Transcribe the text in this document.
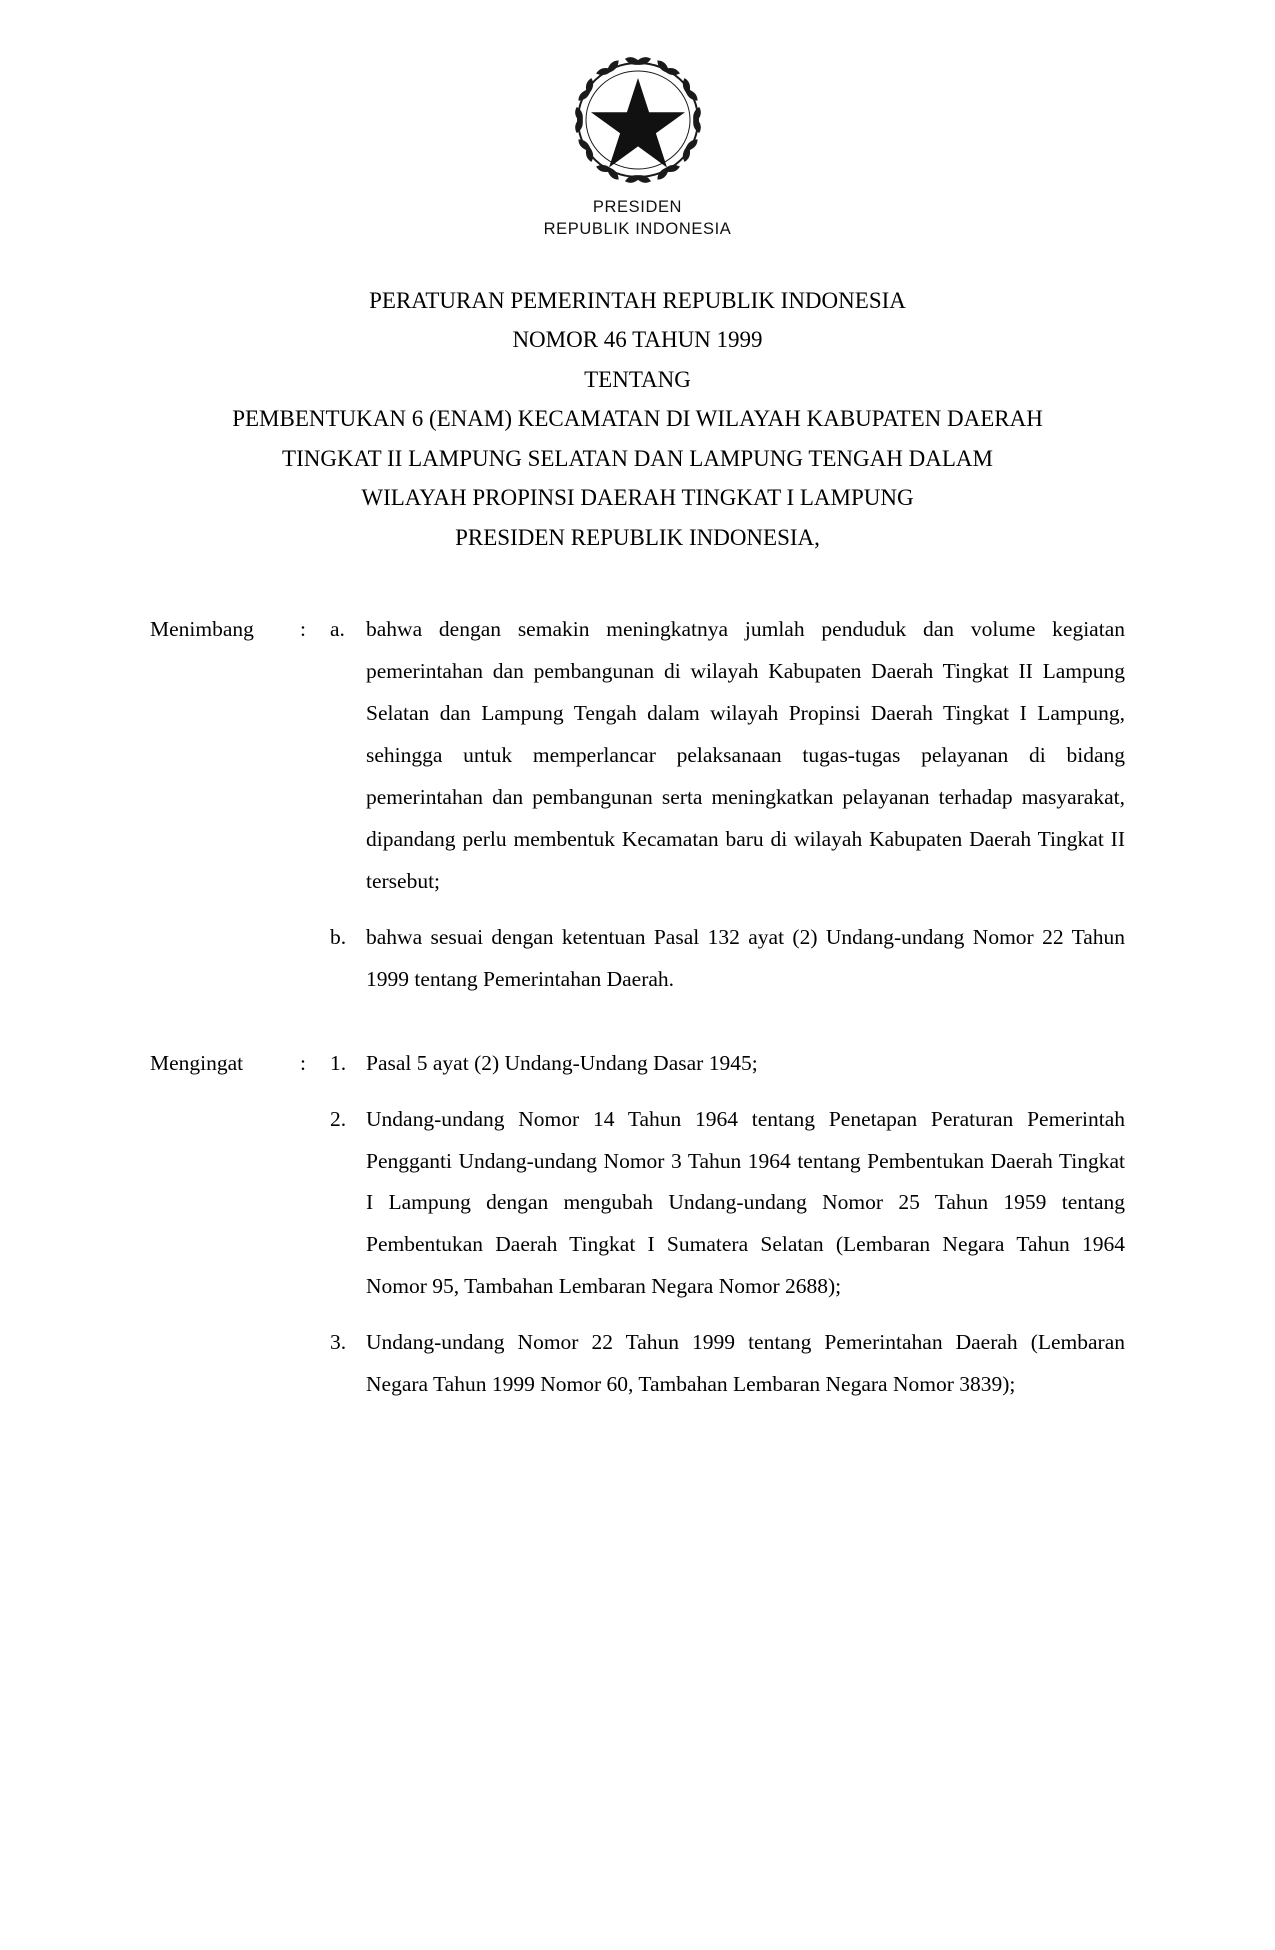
PRESIDEN
REPUBLIK INDONESIA
PERATURAN PEMERINTAH REPUBLIK INDONESIA
NOMOR 46 TAHUN 1999
TENTANG
PEMBENTUKAN 6 (ENAM) KECAMATAN DI WILAYAH KABUPATEN DAERAH
TINGKAT II LAMPUNG SELATAN DAN LAMPUNG TENGAH DALAM
WILAYAH PROPINSI DAERAH TINGKAT I LAMPUNG
PRESIDEN REPUBLIK INDONESIA,
Menimbang	:	a. bahwa dengan semakin meningkatnya jumlah penduduk dan volume kegiatan pemerintahan dan pembangunan di wilayah Kabupaten Daerah Tingkat II Lampung Selatan dan Lampung Tengah dalam wilayah Propinsi Daerah Tingkat I Lampung, sehingga untuk memperlancar pelaksanaan tugas-tugas pelayanan di bidang pemerintahan dan pembangunan serta meningkatkan pelayanan terhadap masyarakat, dipandang perlu membentuk Kecamatan baru di wilayah Kabupaten Daerah Tingkat II tersebut;
b. bahwa sesuai dengan ketentuan Pasal 132 ayat (2) Undang-undang Nomor 22 Tahun 1999 tentang Pemerintahan Daerah.
Mengingat	:	1. Pasal 5 ayat (2) Undang-Undang Dasar 1945;
2. Undang-undang Nomor 14 Tahun 1964 tentang Penetapan Peraturan Pemerintah Pengganti Undang-undang Nomor 3 Tahun 1964 tentang Pembentukan Daerah Tingkat I Lampung dengan mengubah Undang-undang Nomor 25 Tahun 1959 tentang Pembentukan Daerah Tingkat I Sumatera Selatan (Lembaran Negara Tahun 1964 Nomor 95, Tambahan Lembaran Negara Nomor 2688);
3. Undang-undang Nomor 22 Tahun 1999 tentang Pemerintahan Daerah (Lembaran Negara Tahun 1999 Nomor 60, Tambahan Lembaran Negara Nomor 3839);
